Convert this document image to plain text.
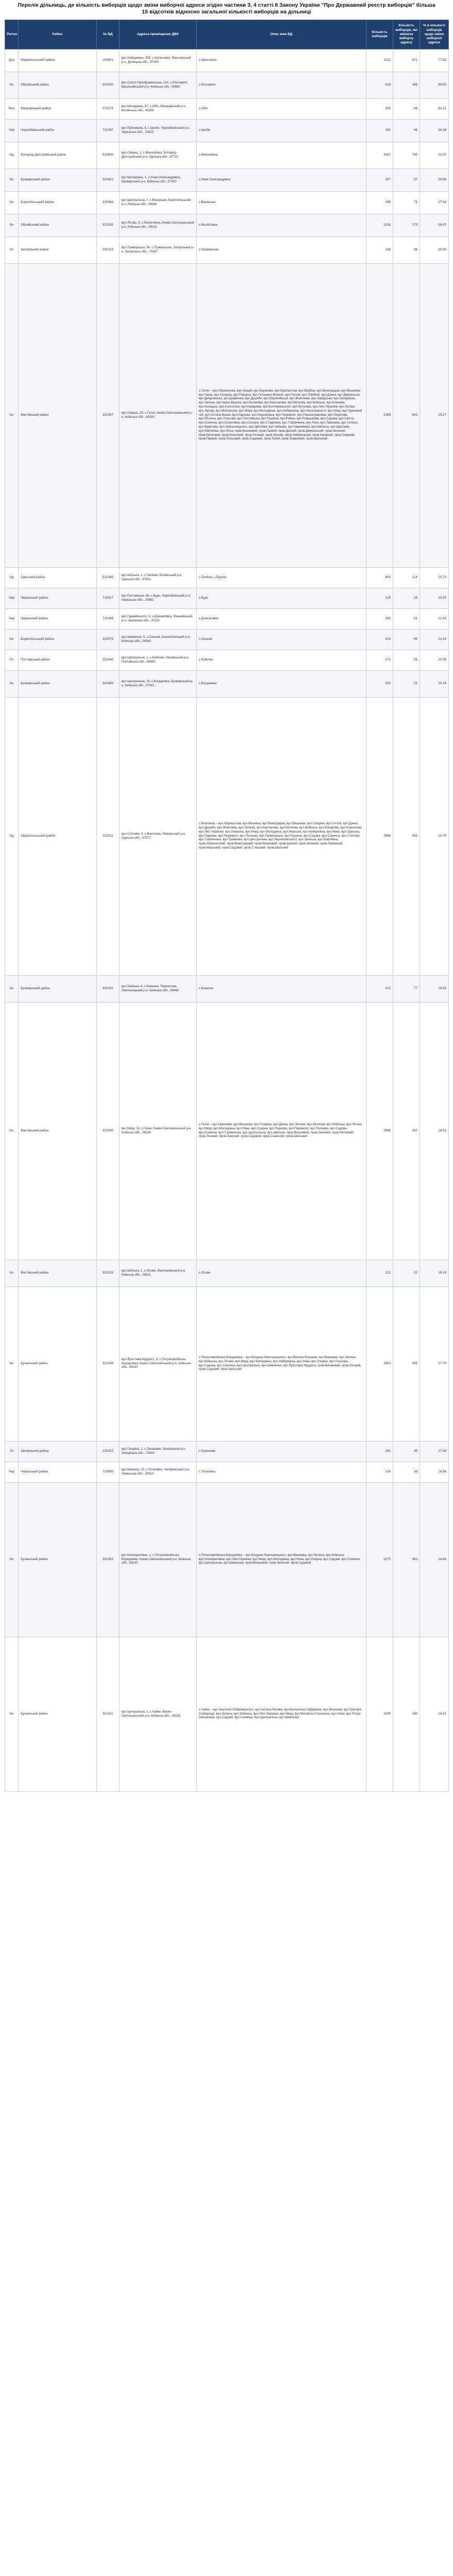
Перелік дільниць, де кількість виборців щодо зміни виборчої адреси згідно частини 3, 4 статті 8 Закону України "Про Державний реєстр виборців" більша 15 відсотків відносно загальної кількості виборців на дільниці
Регіон	Район	№ ВД	Адреса приміщення ДВК	Опис меж ВД	Кількість виборців	Кількість виборців, які змінили виборчу адресу	% в кількості виборців щодо зміни виборчої адреси
Дон	Маріупольський район	140601	вул.Набережна, 33б, с.Шульгинка, Мангушський р-н, Донецька обл., 87404	с.Шульгинка	1122	871	77.63
Ки	Обухівський район	320330	вул.Спасо-Преображенська, 10А, с.Рославичі, Васильківський р-н, Київська обл., 08683	с.Рославичі	418	186	44.50
Вол	Ківерцівський район	070275	вул.Молодіжна, 67, с.Обіч, Ківерцівський р-н, Волинська обл., 45265	с.Обіч	165	68	41.21
Чер	Чорнобаївський район	711067	вул.Приозерна, 8, с.Іркліїв, Чорнобаївський р-н, Черкаська обл., 19913	с.Іркліїв	192	66	34.38
Од	Білгород-Дністровський район	510800	вул.Озерна, 2, с.Миколаївка, Білгород-Дністровський р-н, Одеська обл., 67710	с.Миколаївка	2487	795	31.97
Ки	Броварський район	320481	вул.Молодіжна, 1, с.Нова Олександрівка, Броварський р-н, Київська обл., 07420	с.Нова Олександрівка	327	97	29.66
Ки	Бориспільський район	320089	вул.Центральна, 7, с.Вишеньки, Бориспільський р-н, Київська обл., 08340	с.Вишеньки	269	75	27.88
Ки	Обухівський район	321035	вул.Лісова, 5, с.Малютянка, Києво-Святошинський р-н, Київська обл., 08131	с.Малютянка	1016	273	26.87
Зп	Запорізький район	230219	вул.Приморська, 54, с.Приморське, Запорізький р-н, Запорізька обл., 70437	с.Приморське	139	36	25.90
Ки	Фастівський район	322087	вул.Озерна, 29, с.Гатне, Києво-Святошинський р-н, Київська обл., 08160	с.Гатне – вул.Абрикосова, вул.Акацій, вул.Березова, вул.Братерства, вул.Вербна, вул.Виноградна, вул.Вишнева, вул.Гаєва, вул.Гагаріна, вул.Герцена, вул.Гетьмана Мазепи, вул.Гоголя, вул.Гребінки, вул.Дачна, вул.Джерельна, вул.Дніпровська, вул.Довженка, вул.Дружби, вул.Європейська, вул.Жовтнева, вул.Заводська, вул.Запорізька, вул.Зелена, вул.Івана Франка, вул.Калинова, вул.Каштанова, вул.Квіткова, вул.Київська, вул.Кленова, вул.Козацька, вул.Колгоспна, вул.Комарова, вул.Котляревського, вул.Кутузова, вул.Лесі Українки, вул.Лісова, вул.Лугова, вул.Матросова, вул.Миру, вул.Молодіжна, вул.Набережна, вул.Незалежності, вул.Нова, вул.Ореховий гай, вул.Остапа Вишні, вул.Паркова, вул.Переможна, вул.Перемоги, вул.Першотравнева, вул.Пирогова, вул.Пісочна, вул.Польова, вул.Полтавська, вул.Пушкіна, вул.Рибна, вул.Ромашкова, вул.Садова, вул.Світла, вул.Сонячна, вул.Спортивна, вул.Сосюри, вул.Стадіонна, вул.Т.Шевченка, вул.Тиха, вул.Травнева, вул.Узлісся, вул.Фруктова, вул.Хмельницького, вул.Цвіткова, вул.Чайкова, вул.Черемхова, вул.Шкільна, вул.Щаслива, вул.Ювілейна, вул.Ясна, пров.Вишневий, пров.Гаєвий, пров.Дачний, пров.Джерельний, пров.Зелений, пров.Квітковий, пров.Кленовий, пров.Лісовий, пров.Лучний, пров.Набережний, пров.Нагірний, пров.Озерний, пров.Паркий, пров.Польовий, пров.Садовий, пров.Тихий, пров.Травневий, пров.Шкільний	2386	603	25.27
Од	Одеський район	512085	вул.Шкільна, 1, с.Палієва, Біляївський р-н, Одеська обл., 67631	с.Палієва, с.Бурлак	903	214	23.70
Чер	Черкаський район	710817	вул.Полтавська, 84, с.Будо, Чорнобаївський р-н, Черкаська обл., 19962	с.Будо	125	29	23.20
Чер	Черкаський район	710245	вул.Гуданівського, 5, с.Дзензелівка, Маньківський р-н, Черкаська обл., 20110	с.Дзензелівка	282	61	21.63
Ки	Бориспільський район	320075	вул.Шевченка, 5, с.Сеньків, Бориспільський р-н, Київська обл., 08342	с.Сеньків	419	89	21.24
Пл	Полтавський район	531440	вул.Центральна, 1, с.Кобилки, Машівський р-н, Полтавська обл., 39430	с.Кобилки	272	56	20.59
Ки	Броварський район	320483	вул.Центральна, 14, с.Богданівка, Броварський р-н, Київська обл., 07422	с.Богданівка	252	51	20.24
Од	Овідіопольський район	512011	вул.Степова, 4, с.Фонтанка, Лиманський р-н, Одеська обл., 67571	с.Фонтанка – вул.Абрикосова, вул.Весняна, вул.Виноградна, вул.Вишнева, вул.Гагаріна, вул.Гоголя, вул.Дачна, вул.Дружби, вул.Жовтнева, вул.Зелена, вул.Каштанова, вул.Квіткова, вул.Київська, вул.Комарова, вул.Корольова, вул.Лесі Українки, вул.Лиманна, вул.Миру, вул.Молодіжна, вул.Морська, вул.Набережна, вул.Нова, вул.Одеська, вул.Паркова, вул.Перемоги, вул.Польова, вул.Приморська, вул.Пушкіна, вул.Садова, вул.Сонячна, вул.Степова, вул.Т.Шевченка, вул.Травнева, вул.Центральна, вул.Черняховського, вул.Шкільна, вул.Ювілейна, пров.Абрикосовий, пров.Виноградний, пров.Вишневий, пров.Дачний, пров.Зелений, пров.Лиманний, пров.Морський, пров.Садовий, пров.Степовий, пров.Шкільний	2868	565	19.70
Ки	Броварський район	320191	вул.Шкільна, 4, с.Ковалин, Переяслав-Хмельницький р-н, Київська обл., 08460	с.Ковалин	412	77	18.69
Ки	Фастівський район	322090	вул.Миру, 13, с.Гатне, Києво-Святошинський р-н, Київська обл., 08160	с.Гатне – вул.Березова, вул.Вишнева, вул.Гагаріна, вул.Дачна, вул.Зелена, вул.Квіткова, вул.Київська, вул.Лісова, вул.Миру, вул.Молодіжна, вул.Нова, вул.Озерна, вул.Паркова, вул.Перемоги, вул.Польова, вул.Садова, вул.Сонячна, вул.Т.Шевченка, вул.Центральна, вул.Шкільна, пров.Вишневий, пров.Зелений, пров.Квітковий, пров.Лісовий, пров.Озерний, пров.Садовий, пров.Сонячний, пров.Шкільний	2466	457	18.53
Ки	Фастівський район	322033	вул.Шкільна, 1, с.Лісове, Васильківський р-н, Київська обл., 08621	с.Лісове	121	22	18.18
Ки	Бучанський район	321049	вул.Ярослава Мудрого, 3, с.Петропавлівська Борщагівка, Києво-Святошинський р-н, Київська обл., 08130	с.Петропавлівська Борщагівка – вул.Богдана Хмельницького, вул.Велика Кільцева, вул.Вишнева, вул.Зелена, вул.Київська, вул.Лісова, вул.Миру, вул.Молодіжна, вул.Набережна, вул.Нова, вул.Озерна, вул.Польова, вул.Садова, вул.Сонячна, вул.Центральна, вул.Шевченка, вул.Ярослава Мудрого, пров.Вишневий, пров.Лісовий, пров.Садовий, пров.Шкільний	2853	505	17.70
Зп	Запорізький район	230022	вул.Гагаріна, 2, с.Лукашеве, Запорізький р-н, Запорізька обл., 70404	с.Лукашеве	282	49	17.38
Чер	Черкаський район	710890	вул.Шкільна, 15, с.Топилівка, Чигиринський р-н, Черкаська обл., 20914	с.Топилівка	224	38	16.96
Ки	Бучанський район	321053	вул.Кооперативна, 1, с.Петропавлівська Борщагівка, Києво-Святошинський р-н, Київська обл., 08130	с.Петропавлівська Борщагівка – вул.Богдана Хмельницького, вул.Вишнева, вул.Зелена, вул.Київська, вул.Кооперативна, вул.Лесі Українки, вул.Миру, вул.Молодіжна, вул.Нова, вул.Озерна, вул.Садова, вул.Сонячна, вул.Центральна, вул.Шевченка, пров.Вишневий, пров.Зелений, пров.Садовий	2275	383	16.84
Ки	Бучанський район	321411	вул.Центральна, 1, с.Чайки, Києво-Святошинський р-н, Київська обл., 08130	с.Чайки – вул.Анатолія Лобановського, вул.Антона Чехова, вул.Валентина Гайдамаки, вул.Вишнева, вул.Григорія Сковороди, вул.Зелена, вул.Київська, вул.Лесі Українки, вул.Миру, вул.Михайла Стельмаха, вул.Нова, вул.Петра Запорожця, вул.Садова, вул.Сонячна, вул.Центральна, вул.Шевченка	1445	240	16.61
